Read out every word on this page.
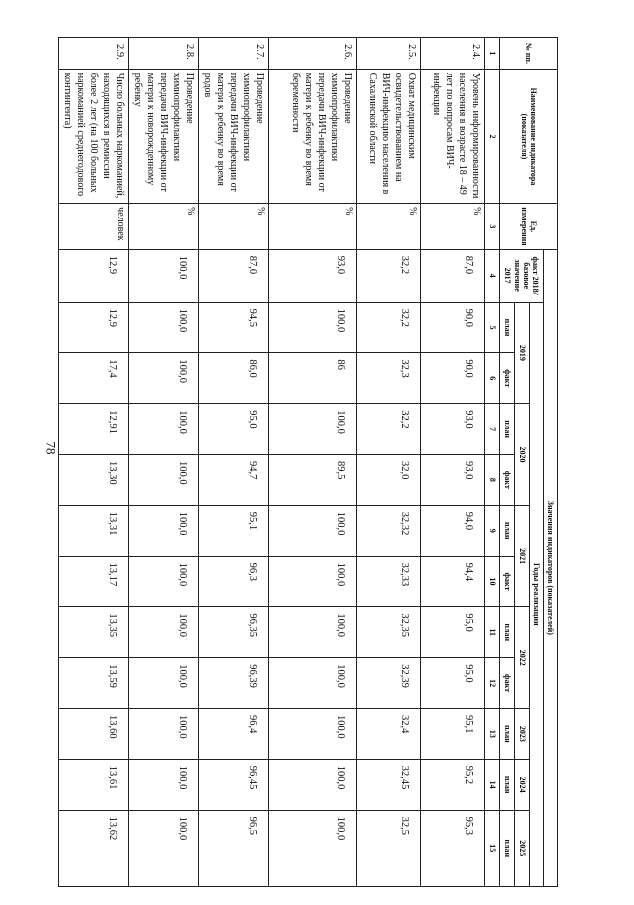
78
№ пп.	Наименование индикатора (показателя)	Ед. измерения	Значения индикаторов (показателей)											
			факт 2018/базовое значение 2017	Годы реализации										
				2019		2020		2021		2022		2023	2024	2025
				план	факт	план	факт	план	факт	план	факт	план	план	план
1	2	3	4	5	6	7	8	9	10	11	12	13	14	15
2.4.	Уровень информированности населения в возрасте 18 – 49 лет по вопросам ВИЧ-инфекции	%	87,0	90,0	90,0	93,0	93,0	94,0	94,4	95,0	95,0	95,1	95,2	95,3
2.5.	Охват медицинским освидетельствованием на ВИЧ-инфекцию населения в Сахалинской области	%	32,2	32,2	32,3	32,2	32,0	32,32	32,33	32,35	32,39	32,4	32,45	32,5
2.6.	Проведение химиопрофилактики передачи ВИЧ-инфекции от матери к ребенку во время беременности	%	93,0	100,0	86	100,0	89,5	100,0	100,0	100,0	100,0	100,0	100,0	100,0
2.7.	Проведение химиопрофилактики передачи ВИЧ-инфекции от матери к ребенку во время родов	%	87,0	94,5	86,0	95,0	94,7	95,1	96,3	96,35	96,39	96,4	96,45	96,5
2.8.	Проведение химиопрофилактики передачи ВИЧ-инфекции от матери к новорожденному ребенку	%	100,0	100,0	100,0	100,0	100,0	100,0	100,0	100,0	100,0	100,0	100,0	100,0
2.9.	Число больных наркоманией, находящихся в ремиссии более 2 лет (на 100 больных наркоманией среднегодового контингента)	человек	12,9	12,9	17,4	12,91	13,30	13,31	13,17	13,35	13,59	13,60	13,61	13,62
